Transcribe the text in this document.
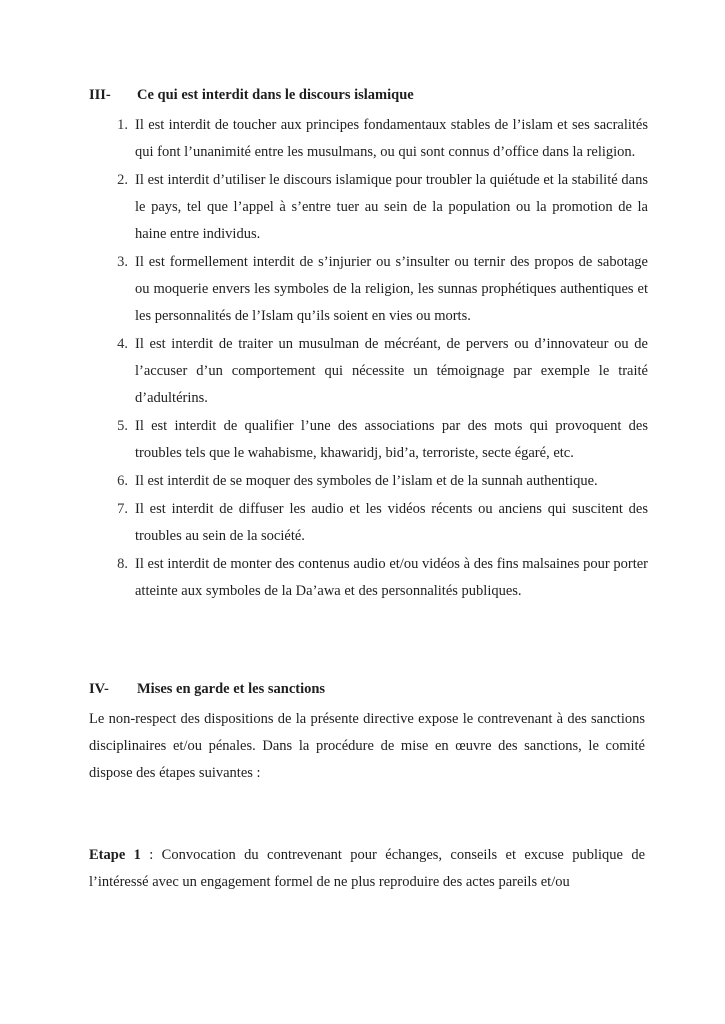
III- Ce qui est interdit dans le discours islamique
1. Il est interdit de toucher aux principes fondamentaux stables de l’islam et ses sacralités qui font l’unanimité entre les musulmans, ou qui sont connus d’office dans la religion.
2. Il est interdit d’utiliser le discours islamique pour troubler la quiétude et la stabilité dans le pays, tel que l’appel à s’entre tuer au sein de la population ou la promotion de la haine entre individus.
3. Il est formellement interdit de s’injurier ou s’insulter ou ternir des propos de sabotage ou moquerie envers les symboles de la religion, les sunnas prophétiques authentiques et les personnalités de l’Islam qu’ils soient en vies ou morts.
4. Il est interdit de traiter un musulman de mécréant, de pervers ou d’innovateur ou de l’accuser d’un comportement qui nécessite un témoignage par exemple le traité d’adultérins.
5. Il est interdit de qualifier l’une des associations par des mots qui provoquent des troubles tels que le wahabisme, khawaridj, bid’a, terroriste, secte égaré, etc.
6. Il est interdit de se moquer des symboles de l’islam et de la sunnah authentique.
7. Il est interdit de diffuser les audio et les vidéos récents ou anciens qui suscitent des troubles au sein de la société.
8. Il est interdit de monter des contenus audio et/ou vidéos à des fins malsaines pour porter atteinte aux symboles de la Da’awa et des personnalités publiques.
IV- Mises en garde et les sanctions

Le non-respect des dispositions de la présente directive expose le contrevenant à des sanctions disciplinaires et/ou pénales. Dans la procédure de mise en œuvre des sanctions, le comité dispose des étapes suivantes :

Etape 1 : Convocation du contrevenant pour échanges, conseils et excuse publique de l’intéressé avec un engagement formel de ne plus reproduire des actes pareils et/ou
